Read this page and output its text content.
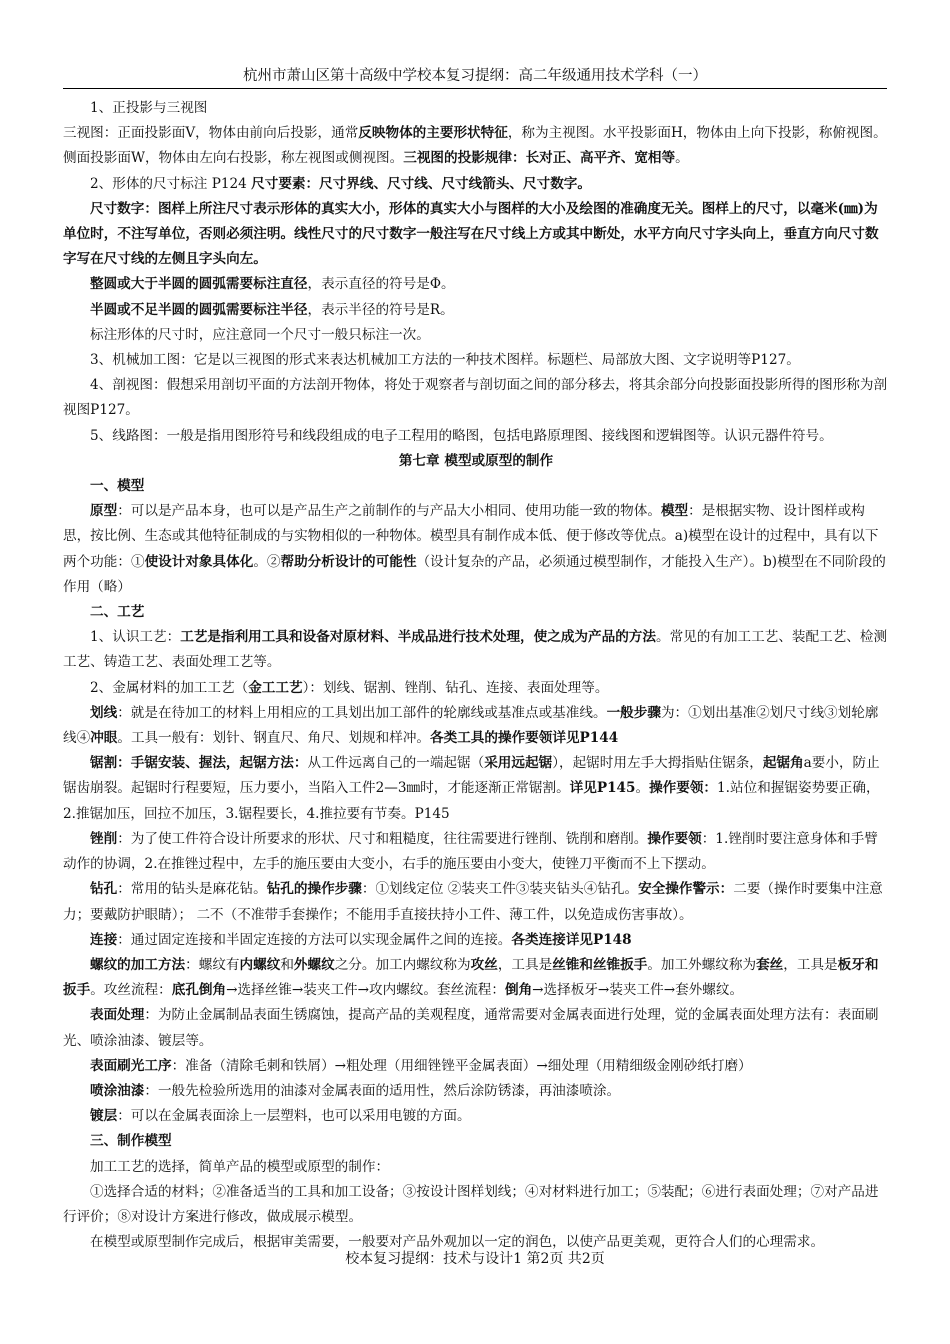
杭州市萧山区第十高级中学校本复习提纲：高二年级通用技术学科（一）

1、正投影与三视图

三视图：正面投影面V，物体由前向后投影，通常反映物体的主要形状特征，称为主视图。水平投影面H，物体由上向下投影，称俯视图。侧面投影面W，物体由左向右投影，称左视图或侧视图。三视图的投影规律：长对正、高平齐、宽相等。

2、形体的尺寸标注 P124 尺寸要素：尺寸界线、尺寸线、尺寸线箭头、尺寸数字。

尺寸数字：图样上所注尺寸表示形体的真实大小，形体的真实大小与图样的大小及绘图的准确度无关。图样上的尺寸，以毫米(㎜)为单位时，不注写单位，否则必须注明。线性尺寸的尺寸数字一般注写在尺寸线上方或其中断处，水平方向尺寸字头向上，垂直方向尺寸数字写在尺寸线的左侧且字头向左。

整圆或大于半圆的圆弧需要标注直径，表示直径的符号是Φ。

半圆或不足半圆的圆弧需要标注半径，表示半径的符号是R。

标注形体的尺寸时，应注意同一个尺寸一般只标注一次。

3、机械加工图：它是以三视图的形式来表达机械加工方法的一种技术图样。标题栏、局部放大图、文字说明等P127。

4、剖视图：假想采用剖切平面的方法剖开物体，将处于观察者与剖切面之间的部分移去，将其余部分向投影面投影所得的图形称为剖视图P127。

5、线路图：一般是指用图形符号和线段组成的电子工程用的略图，包括电路原理图、接线图和逻辑图等。认识元器件符号。

第七章 模型或原型的制作

一、模型

原型：可以是产品本身，也可以是产品生产之前制作的与产品大小相同、使用功能一致的物体。模型：是根据实物、设计图样或构思，按比例、生态或其他特征制成的与实物相似的一种物体。模型具有制作成本低、便于修改等优点。a)模型在设计的过程中，具有以下两个功能：①使设计对象具体化。②帮助分析设计的可能性（设计复杂的产品，必须通过模型制作，才能投入生产）。b)模型在不同阶段的作用（略）

二、工艺

1、认识工艺：工艺是指利用工具和设备对原材料、半成品进行技术处理，使之成为产品的方法。常见的有加工工艺、装配工艺、检测工艺、铸造工艺、表面处理工艺等。

2、金属材料的加工工艺（金工工艺）：划线、锯割、锉削、钻孔、连接、表面处理等。

划线：就是在待加工的材料上用相应的工具划出加工部件的轮廓线或基准点或基准线。一般步骤为：①划出基准②划尺寸线③划轮廓线④冲眼。工具一般有：划针、钢直尺、角尺、划规和样冲。各类工具的操作要领详见P144

锯割：手锯安装、握法，起锯方法：从工件远离自己的一端起锯（采用远起锯），起锯时用左手大拇指贴住锯条，起锯角a要小，防止锯齿崩裂。起锯时行程要短，压力要小，当陷入工件2—3㎜时，才能逐渐正常锯割。详见P145。操作要领：1.站位和握锯姿势要正确，2.推锯加压，回拉不加压，3.锯程要长，4.推拉要有节奏。P145

锉削：为了使工件符合设计所要求的形状、尺寸和粗糙度，往往需要进行锉削、铣削和磨削。操作要领：1.锉削时要注意身体和手臂动作的协调，2.在推锉过程中，左手的施压要由大变小，右手的施压要由小变大，使锉刀平衡而不上下摆动。

钻孔：常用的钻头是麻花钻。钻孔的操作步骤：①划线定位 ②装夹工件③装夹钻头④钻孔。安全操作警示：二要（操作时要集中注意力；要戴防护眼睛）； 二不（不准带手套操作；不能用手直接扶持小工件、薄工件，以免造成伤害事故）。

连接：通过固定连接和半固定连接的方法可以实现金属件之间的连接。各类连接详见P148

螺纹的加工方法：螺纹有内螺纹和外螺纹之分。加工内螺纹称为攻丝，工具是丝锥和丝锥扳手。加工外螺纹称为套丝，工具是板牙和扳手。攻丝流程：底孔倒角→选择丝锥→装夹工件→攻内螺纹。套丝流程：倒角→选择板牙→装夹工件→套外螺纹。

表面处理：为防止金属制品表面生锈腐蚀，提高产品的美观程度，通常需要对金属表面进行处理，觉的金属表面处理方法有：表面刷光、喷涂油漆、镀层等。

表面刷光工序：准备（清除毛刺和铁屑）→粗处理（用细锉锉平金属表面）→细处理（用精细级金刚砂纸打磨）

喷涂油漆：一般先检验所选用的油漆对金属表面的适用性，然后涂防锈漆，再油漆喷涂。

镀层：可以在金属表面涂上一层塑料，也可以采用电镀的方面。

三、制作模型

加工工艺的选择，简单产品的模型或原型的制作：

①选择合适的材料；②准备适当的工具和加工设备；③按设计图样划线；④对材料进行加工；⑤装配；⑥进行表面处理；⑦对产品进行评价；⑧对设计方案进行修改，做成展示模型。

在模型或原型制作完成后，根据审美需要，一般要对产品外观加以一定的润色，以使产品更美观，更符合人们的心理需求。

校本复习提纲：技术与设计1 第2页 共2页
